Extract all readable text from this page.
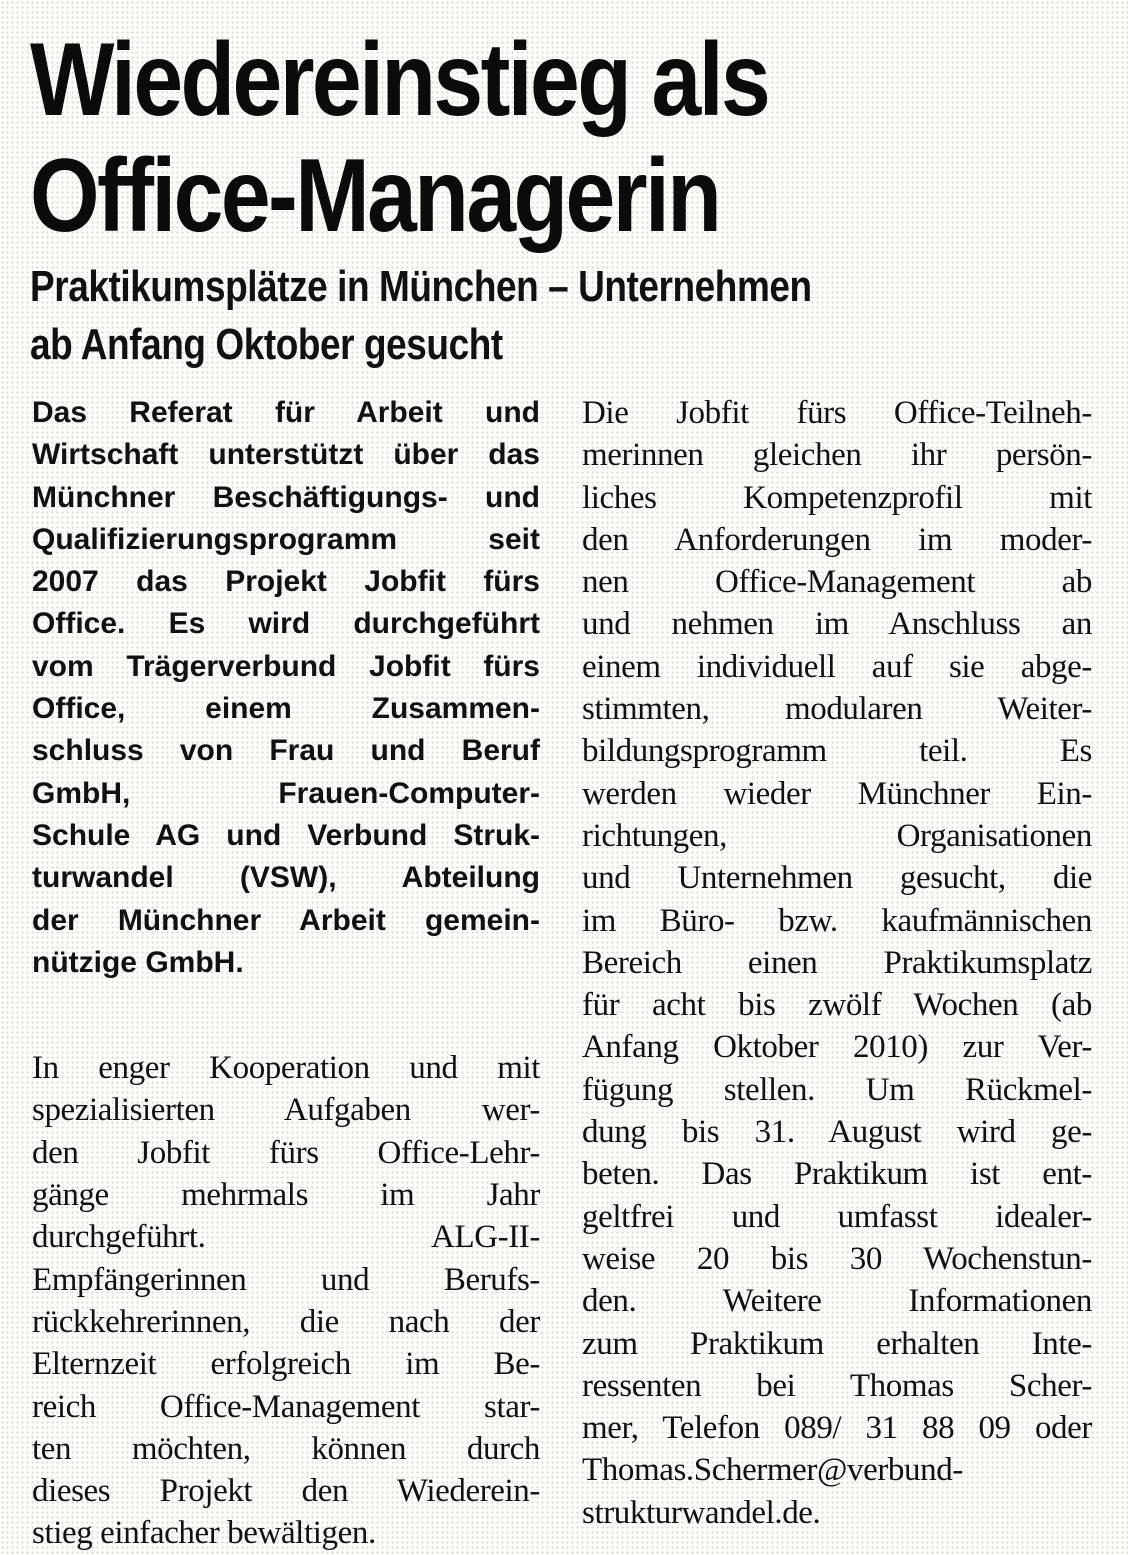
Wiedereinstieg als
Office-Managerin
Praktikumsplätze in München – Unternehmen
ab Anfang Oktober gesucht
Das Referat für Arbeit und
Wirtschaft unterstützt über das
Münchner Beschäftigungs- und
Qualifizierungsprogramm seit
2007 das Projekt Jobfit fürs
Office. Es wird durchgeführt
vom Trägerverbund Jobfit fürs
Office, einem Zusammen-
schluss von Frau und Beruf
GmbH, Frauen-Computer-
Schule AG und Verbund Struk-
turwandel (VSW), Abteilung
der Münchner Arbeit gemein-
nützige GmbH.
In enger Kooperation und mit
spezialisierten Aufgaben wer-
den Jobfit fürs Office-Lehr-
gänge mehrmals im Jahr
durchgeführt. ALG-II-
Empfängerinnen und Berufs-
rückkehrerinnen, die nach der
Elternzeit erfolgreich im Be-
reich Office-Management star-
ten möchten, können durch
dieses Projekt den Wiederein-
stieg einfacher bewältigen.
Die Jobfit fürs Office-Teilneh-
merinnen gleichen ihr persön-
liches Kompetenzprofil mit
den Anforderungen im moder-
nen Office-Management ab
und nehmen im Anschluss an
einem individuell auf sie abge-
stimmten, modularen Weiter-
bildungsprogramm teil. Es
werden wieder Münchner Ein-
richtungen, Organisationen
und Unternehmen gesucht, die
im Büro- bzw. kaufmännischen
Bereich einen Praktikumsplatz
für acht bis zwölf Wochen (ab
Anfang Oktober 2010) zur Ver-
fügung stellen. Um Rückmel-
dung bis 31. August wird ge-
beten. Das Praktikum ist ent-
geltfrei und umfasst idealer-
weise 20 bis 30 Wochenstun-
den. Weitere Informationen
zum Praktikum erhalten Inte-
ressenten bei Thomas Scher-
mer, Telefon 089/ 31 88 09 oder
Thomas.Schermer@verbund-
strukturwandel.de.
